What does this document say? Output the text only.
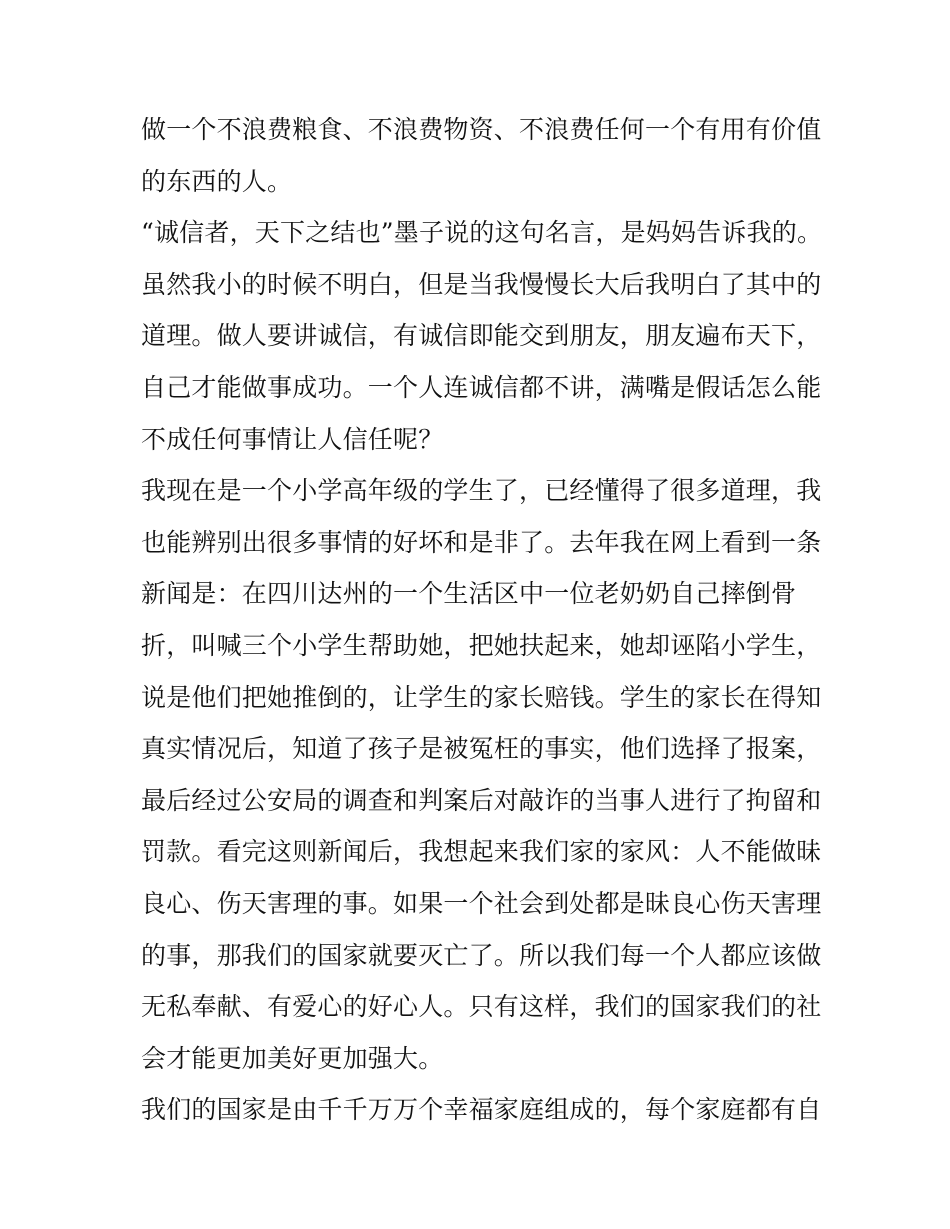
做一个不浪费粮食、不浪费物资、不浪费任何一个有用有价值
的东西的人。
“诚信者，天下之结也”墨子说的这句名言，是妈妈告诉我的。
虽然我小的时候不明白，但是当我慢慢长大后我明白了其中的
道理。做人要讲诚信，有诚信即能交到朋友，朋友遍布天下，
自己才能做事成功。一个人连诚信都不讲，满嘴是假话怎么能
不成任何事情让人信任呢？
我现在是一个小学高年级的学生了，已经懂得了很多道理，我
也能辨别出很多事情的好坏和是非了。去年我在网上看到一条
新闻是：在四川达州的一个生活区中一位老奶奶自己摔倒骨
折，叫喊三个小学生帮助她，把她扶起来，她却诬陷小学生，
说是他们把她推倒的，让学生的家长赔钱。学生的家长在得知
真实情况后，知道了孩子是被冤枉的事实，他们选择了报案，
最后经过公安局的调查和判案后对敲诈的当事人进行了拘留和
罚款。看完这则新闻后，我想起来我们家的家风：人不能做昧
良心、伤天害理的事。如果一个社会到处都是昧良心伤天害理
的事，那我们的国家就要灭亡了。所以我们每一个人都应该做
无私奉献、有爱心的好心人。只有这样，我们的国家我们的社
会才能更加美好更加强大。
我们的国家是由千千万万个幸福家庭组成的，每个家庭都有自
